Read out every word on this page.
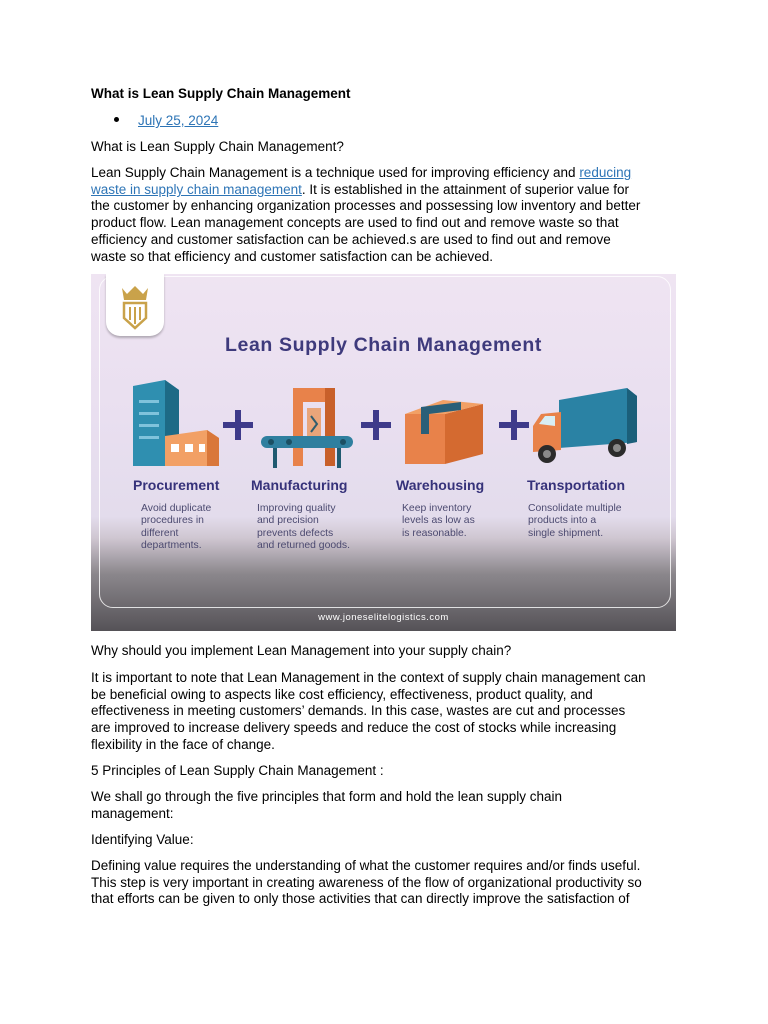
What is Lean Supply Chain Management

July 25, 2024

What is Lean Supply Chain Management?

Lean Supply Chain Management is a technique used for improving efficiency and reducing

waste in supply chain management. It is established in the attainment of superior value for

the customer by enhancing organization processes and possessing low inventory and better

product flow. Lean management concepts are used to find out and remove waste so that

efficiency and customer satisfaction can be achieved.s are used to find out and remove

waste so that efficiency and customer satisfaction can be achieved.

Lean Supply Chain Management
Procurement Manufacturing	Warehousing	Transportation
Avoid duplicate
procedures in
different
departments.
Improving quality
and precision
prevents defects
and returned goods.
Keep inventory
levels as low as
is reasonable.
Consolidate multiple
products into a
single shipment.
www.joneselitelogistics.com

Why should you implement Lean Management into your supply chain?

It is important to note that Lean Management in the context of supply chain management can

be beneficial owing to aspects like cost efficiency, effectiveness, product quality, and

effectiveness in meeting customers’ demands. In this case, wastes are cut and processes

are improved to increase delivery speeds and reduce the cost of stocks while increasing

flexibility in the face of change.

5 Principles of Lean Supply Chain Management :

We shall go through the five principles that form and hold the lean supply chain

management:

Identifying Value:

Defining value requires the understanding of what the customer requires and/or finds useful.

This step is very important in creating awareness of the flow of organizational productivity so

that efforts can be given to only those activities that can directly improve the satisfaction of
